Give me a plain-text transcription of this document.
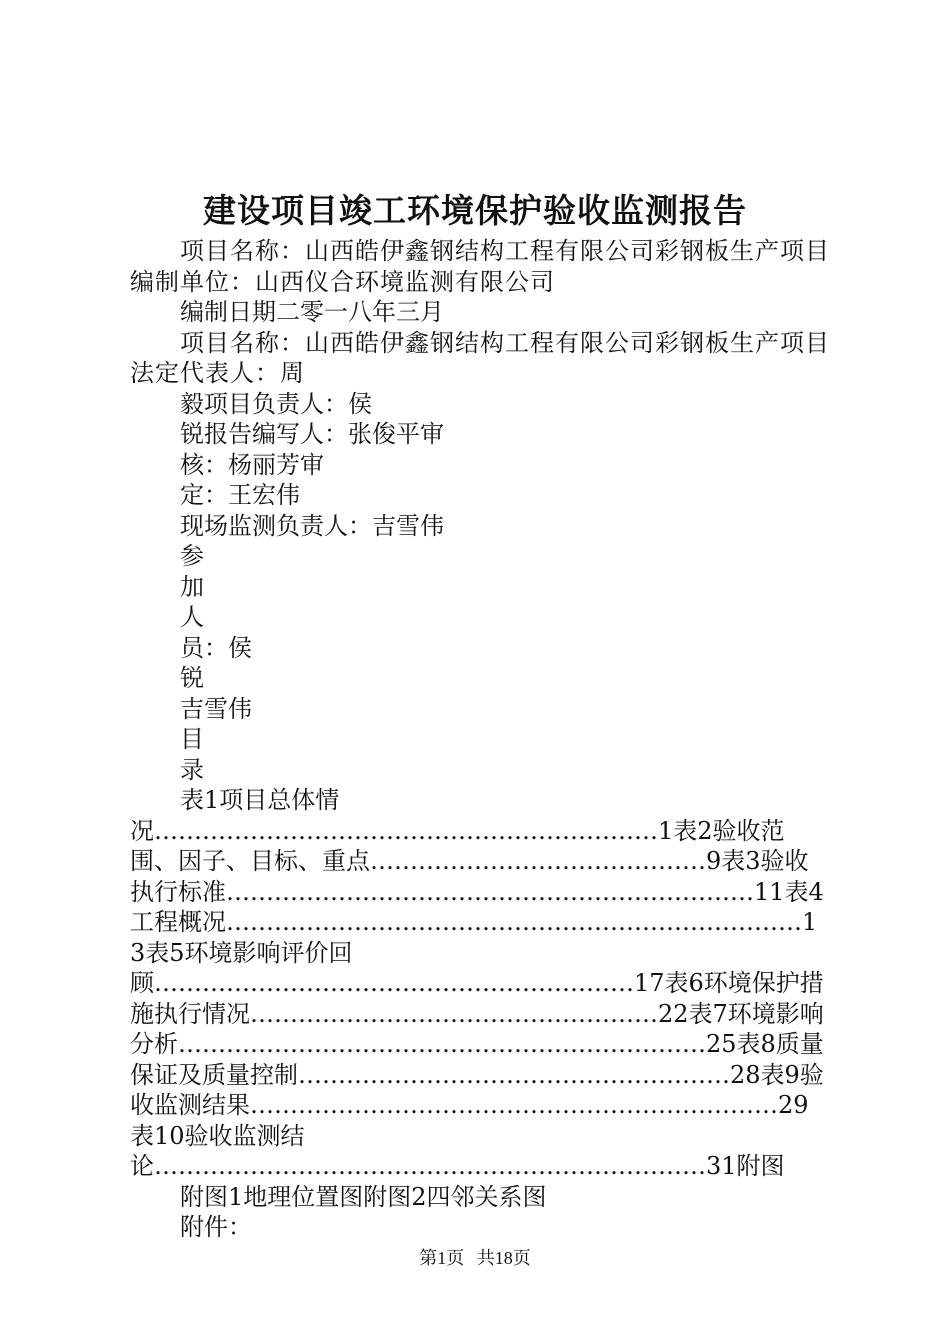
建设项目竣工环境保护验收监测报告
项目名称：山西皓伊鑫钢结构工程有限公司彩钢板生产项目编制单位：山西仪合环境监测有限公司
编制日期二零一八年三月
项目名称：山西皓伊鑫钢结构工程有限公司彩钢板生产项目法定代表人：周
毅项目负责人：侯
锐报告编写人：张俊平审
核：杨丽芳审
定：王宏伟
现场监测负责人：吉雪伟
参
加
人
员：侯
锐
吉雪伟
目
录
表1项目总体情况………………………………………………………1表2验收范围、因子、目标、重点……………………………………9表3验收执行标准…………………………………………………………11表4工程概况………………………………………………………………13表5环境影响评价回顾……………………………………………………17表6环境保护措施执行情况……………………………………………22表7环境影响分析…………………………………………………………25表8质量保证及质量控制………………………………………………28表9验收监测结果…………………………………………………………29表10验收监测结论……………………………………………………………31附图
附图1地理位置图附图2四邻关系图
附件：
第1页 共18页
